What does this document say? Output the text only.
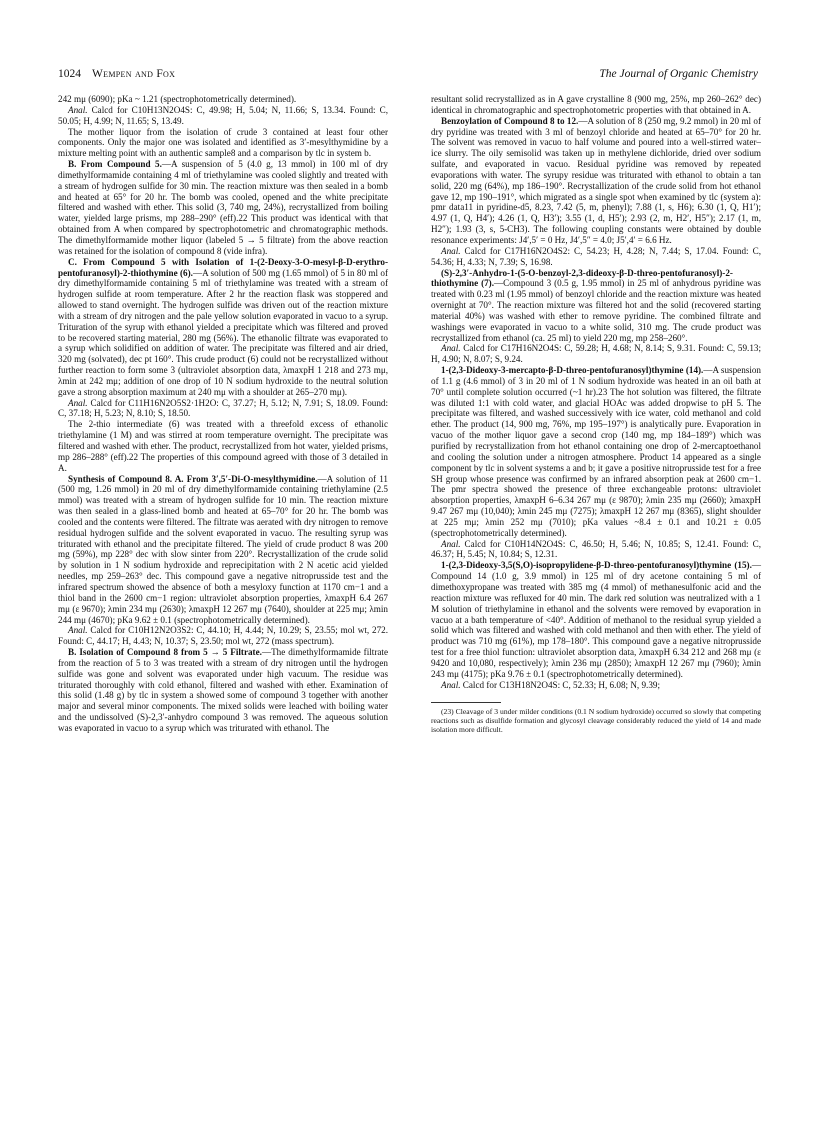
1024 Wempen and Fox	The Journal of Organic Chemistry

242 mμ (6090); pKa ~ 1.21 (spectrophotometrically determined).

Anal. Calcd for C10H13N2O4S: C, 49.98; H, 5.04; N, 11.66; S, 13.34. Found: C, 50.05; H, 4.99; N, 11.65; S, 13.49.

The mother liquor from the isolation of crude 3 contained at least four other components. Only the major one was isolated and identified as 3′-mesylthymidine by a mixture melting point with an authentic sample8 and a comparison by tlc in system b.

B. From Compound 5.—A suspension of 5 (4.0 g, 13 mmol) in 100 ml of dry dimethylformamide containing 4 ml of triethylamine was cooled slightly and treated with a stream of hydrogen sulfide for 30 min. The reaction mixture was then sealed in a bomb and heated at 65° for 20 hr. The bomb was cooled, opened and the white precipitate filtered and washed with ether. This solid (3, 740 mg, 24%), recrystallized from boiling water, yielded large prisms, mp 288–290° (eff).22 This product was identical with that obtained from A when compared by spectrophotometric and chromatographic methods. The dimethylformamide mother liquor (labeled 5 → 5 filtrate) from the above reaction was retained for the isolation of compound 8 (vide infra).

C. From Compound 5 with Isolation of 1-(2-Deoxy-3-O-mesyl-β-D-erythro-pentofuranosyl)-2-thiothymine (6).—A solution of 500 mg (1.65 mmol) of 5 in 80 ml of dry dimethylformamide containing 5 ml of triethylamine was treated with a stream of hydrogen sulfide at room temperature. After 2 hr the reaction flask was stoppered and allowed to stand overnight. The hydrogen sulfide was driven out of the reaction mixture with a stream of dry nitrogen and the pale yellow solution evaporated in vacuo to a syrup. Trituration of the syrup with ethanol yielded a precipitate which was filtered and proved to be recovered starting material, 280 mg (56%). The ethanolic filtrate was evaporated to a syrup which solidified on addition of water. The precipitate was filtered and air dried, 320 mg (solvated), dec pt 160°. This crude product (6) could not be recrystallized without further reaction to form some 3 (ultraviolet absorption data, λmaxpH 1 218 and 273 mμ, λmin at 242 mμ; addition of one drop of 10 N sodium hydroxide to the neutral solution gave a strong absorption maximum at 240 mμ with a shoulder at 265–270 mμ).

Anal. Calcd for C11H16N2O5S2·1H2O: C, 37.27; H, 5.12; N, 7.91; S, 18.09. Found: C, 37.18; H, 5.23; N, 8.10; S, 18.50.

The 2-thio intermediate (6) was treated with a threefold excess of ethanolic triethylamine (1 M) and was stirred at room temperature overnight. The precipitate was filtered and washed with ether. The product, recrystallized from hot water, yielded prisms, mp 286–288° (eff).22 The properties of this compound agreed with those of 3 detailed in A.

Synthesis of Compound 8. A. From 3′,5′-Di-O-mesylthymidine.—A solution of 11 (500 mg, 1.26 mmol) in 20 ml of dry dimethylformamide containing triethylamine (2.5 mmol) was treated with a stream of hydrogen sulfide for 10 min. The reaction mixture was then sealed in a glass-lined bomb and heated at 65–70° for 20 hr. The bomb was cooled and the contents were filtered. The filtrate was aerated with dry nitrogen to remove residual hydrogen sulfide and the solvent evaporated in vacuo. The resulting syrup was triturated with ethanol and the precipitate filtered. The yield of crude product 8 was 200 mg (59%), mp 228° dec with slow sinter from 220°. Recrystallization of the crude solid by solution in 1 N sodium hydroxide and reprecipitation with 2 N acetic acid yielded needles, mp 259–263° dec. This compound gave a negative nitroprusside test and the infrared spectrum showed the absence of both a mesyloxy function at 1170 cm−1 and a thiol band in the 2600 cm−1 region: ultraviolet absorption properties, λmaxpH 6.4 267 mμ (ε 9670); λmin 234 mμ (2630); λmaxpH 12 267 mμ (7640), shoulder at 225 mμ; λmin 244 mμ (4670); pKa 9.62 ± 0.1 (spectrophotometrically determined).

Anal. Calcd for C10H12N2O3S2: C, 44.10; H, 4.44; N, 10.29; S, 23.55; mol wt, 272. Found: C, 44.17; H, 4.43; N, 10.37; S, 23.50; mol wt, 272 (mass spectrum).

B. Isolation of Compound 8 from 5 → 5 Filtrate.—The dimethylformamide filtrate from the reaction of 5 to 3 was treated with a stream of dry nitrogen until the hydrogen sulfide was gone and solvent was evaporated under high vacuum. The residue was triturated thoroughly with cold ethanol, filtered and washed with ether. Examination of this solid (1.48 g) by tlc in system a showed some of compound 3 together with another major and several minor components. The mixed solids were leached with boiling water and the undissolved (S)-2,3′-anhydro compound 3 was removed. The aqueous solution was evaporated in vacuo to a syrup which was triturated with ethanol. The

resultant solid recrystallized as in A gave crystalline 8 (900 mg, 25%, mp 260–262° dec) identical in chromatographic and spectrophotometric properties with that obtained in A.

Benzoylation of Compound 8 to 12.—A solution of 8 (250 mg, 9.2 mmol) in 20 ml of dry pyridine was treated with 3 ml of benzoyl chloride and heated at 65–70° for 20 hr. The solvent was removed in vacuo to half volume and poured into a well-stirred water–ice slurry. The oily semisolid was taken up in methylene dichloride, dried over sodium sulfate, and evaporated in vacuo. Residual pyridine was removed by repeated evaporations with water. The syrupy residue was triturated with ethanol to obtain a tan solid, 220 mg (64%), mp 186–190°. Recrystallization of the crude solid from hot ethanol gave 12, mp 190–191°, which migrated as a single spot when examined by tlc (system a): pmr data11 in pyridine-d5, 8.23, 7.42 (5, m, phenyl); 7.88 (1, s, H6); 6.30 (1, Q, H1′); 4.97 (1, Q, H4′); 4.26 (1, Q, H3′); 3.55 (1, d, H5′); 2.93 (2, m, H2′, H5″); 2.17 (1, m, H2″); 1.93 (3, s, 5-CH3). The following coupling constants were obtained by double resonance experiments: J4′,5′ = 0 Hz, J4′,5″ = 4.0; J5′,4′ = 6.6 Hz.

Anal. Calcd for C17H16N2O4S2: C, 54.23; H, 4.28; N, 7.44; S, 17.04. Found: C, 54.36; H, 4.33; N, 7.39; S, 16.98.

(S)-2,3′-Anhydro-1-(5-O-benzoyl-2,3-dideoxy-β-D-threo-pentofuranosyl)-2-thiothymine (7).—Compound 3 (0.5 g, 1.95 mmol) in 25 ml of anhydrous pyridine was treated with 0.23 ml (1.95 mmol) of benzoyl chloride and the reaction mixture was heated overnight at 70°. The reaction mixture was filtered hot and the solid (recovered starting material 40%) was washed with ether to remove pyridine. The combined filtrate and washings were evaporated in vacuo to a white solid, 310 mg. The crude product was recrystallized from ethanol (ca. 25 ml) to yield 220 mg, mp 258–260°.

Anal. Calcd for C17H16N2O4S: C, 59.28; H, 4.68; N, 8.14; S, 9.31. Found: C, 59.13; H, 4.90; N, 8.07; S, 9.24.

1-(2,3-Dideoxy-3-mercapto-β-D-threo-pentofuranosyl)thymine (14).—A suspension of 1.1 g (4.6 mmol) of 3 in 20 ml of 1 N sodium hydroxide was heated in an oil bath at 70° until complete solution occurred (~1 hr).23 The hot solution was filtered, the filtrate was diluted 1:1 with cold water, and glacial HOAc was added dropwise to pH 5. The precipitate was filtered, and washed successively with ice water, cold methanol and cold ether. The product (14, 900 mg, 76%, mp 195–197°) is analytically pure. Evaporation in vacuo of the mother liquor gave a second crop (140 mg, mp 184–189°) which was purified by recrystallization from hot ethanol containing one drop of 2-mercaptoethanol and cooling the solution under a nitrogen atmosphere. Product 14 appeared as a single component by tlc in solvent systems a and b; it gave a positive nitroprusside test for a free SH group whose presence was confirmed by an infrared absorption peak at 2600 cm−1. The pmr spectra showed the presence of three exchangeable protons: ultraviolet absorption properties, λmaxpH 6–6.34 267 mμ (ε 9870); λmin 235 mμ (2660); λmaxpH 9.47 267 mμ (10,040); λmin 245 mμ (7275); λmaxpH 12 267 mμ (8365), slight shoulder at 225 mμ; λmin 252 mμ (7010); pKa values ~8.4 ± 0.1 and 10.21 ± 0.05 (spectrophotometrically determined).

Anal. Calcd for C10H14N2O4S: C, 46.50; H, 5.46; N, 10.85; S, 12.41. Found: C, 46.37; H, 5.45; N, 10.84; S, 12.31.

1-(2,3-Dideoxy-3,5(S,O)-isopropylidene-β-D-threo-pentofuranosyl)thymine (15).—Compound 14 (1.0 g, 3.9 mmol) in 125 ml of dry acetone containing 5 ml of dimethoxypropane was treated with 385 mg (4 mmol) of methanesulfonic acid and the reaction mixture was refluxed for 40 min. The dark red solution was neutralized with a 1 M solution of triethylamine in ethanol and the solvents were removed by evaporation in vacuo at a bath temperature of <40°. Addition of methanol to the residual syrup yielded a solid which was filtered and washed with cold methanol and then with ether. The yield of product was 710 mg (61%), mp 178–180°. This compound gave a negative nitroprusside test for a free thiol function: ultraviolet absorption data, λmaxpH 6.34 212 and 268 mμ (ε 9420 and 10,080, respectively); λmin 236 mμ (2850); λmaxpH 12 267 mμ (7960); λmin 243 mμ (4175); pKa 9.76 ± 0.1 (spectrophotometrically determined).

Anal. Calcd for C13H18N2O4S: C, 52.33; H, 6.08; N, 9.39;

(23) Cleavage of 3 under milder conditions (0.1 N sodium hydroxide) occurred so slowly that competing reactions such as disulfide formation and glycosyl cleavage considerably reduced the yield of 14 and made isolation more difficult.
